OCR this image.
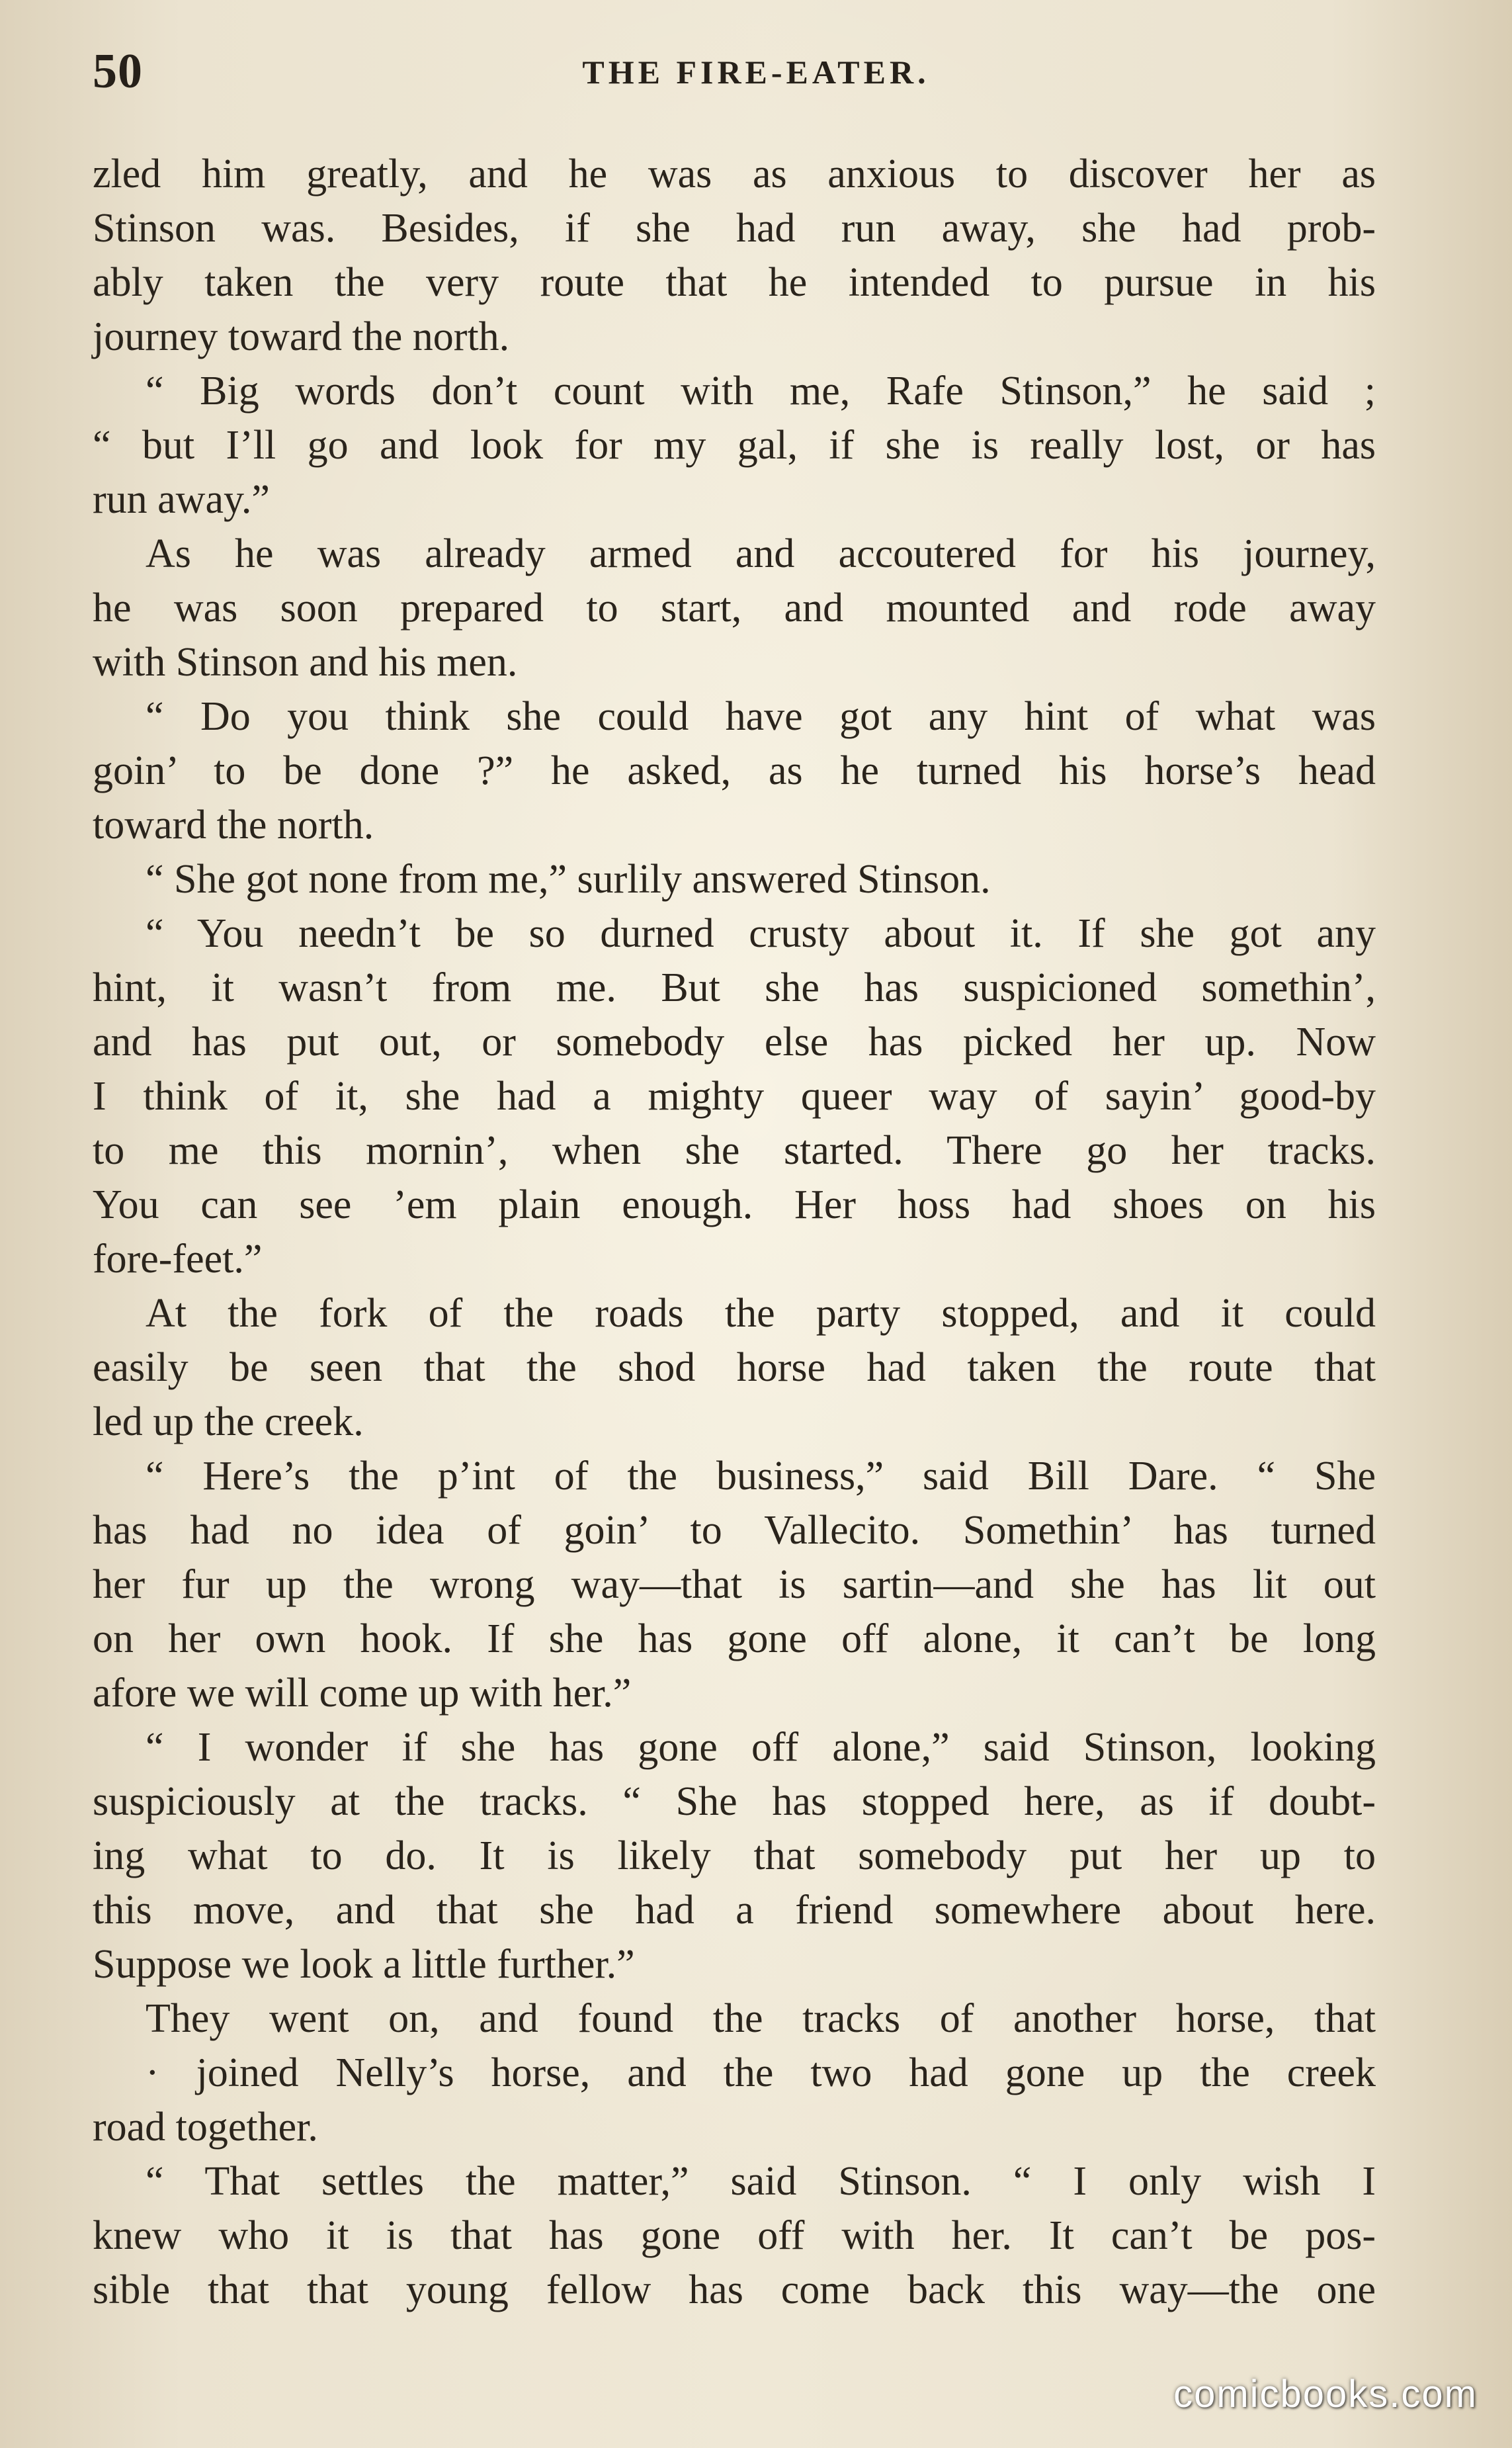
50	THE FIRE-EATER.
zled him greatly, and he was as anxious to discover her as
Stinson was. Besides, if she had run away, she had prob-
ably taken the very route that he intended to pursue in his
journey toward the north.
“ Big words don’t count with me, Rafe Stinson,” he said ;
“ but I’ll go and look for my gal, if she is really lost, or has
run away.”
As he was already armed and accoutered for his journey,
he was soon prepared to start, and mounted and rode away
with Stinson and his men.
“ Do you think she could have got any hint of what was
goin’ to be done ?” he asked, as he turned his horse’s head
toward the north.
“ She got none from me,” surlily answered Stinson.
“ You needn’t be so durned crusty about it. If she got any
hint, it wasn’t from me. But she has suspicioned somethin’,
and has put out, or somebody else has picked her up. Now
I think of it, she had a mighty queer way of sayin’ good-by
to me this mornin’, when she started. There go her tracks.
You can see ’em plain enough. Her hoss had shoes on his
fore-feet.”
At the fork of the roads the party stopped, and it could
easily be seen that the shod horse had taken the route that
led up the creek.
“ Here’s the p’int of the business,” said Bill Dare. “ She
has had no idea of goin’ to Vallecito. Somethin’ has turned
her fur up the wrong way—that is sartin—and she has lit out
on her own hook. If she has gone off alone, it can’t be long
afore we will come up with her.”
“ I wonder if she has gone off alone,” said Stinson, looking
suspiciously at the tracks. “ She has stopped here, as if doubt-
ing what to do. It is likely that somebody put her up to
this move, and that she had a friend somewhere about here.
Suppose we look a little further.”
They went on, and found the tracks of another horse, that
· joined Nelly’s horse, and the two had gone up the creek
road together.
“ That settles the matter,” said Stinson. “ I only wish I
knew who it is that has gone off with her. It can’t be pos-
sible that that young fellow has come back this way—the one
comicbooks.com
